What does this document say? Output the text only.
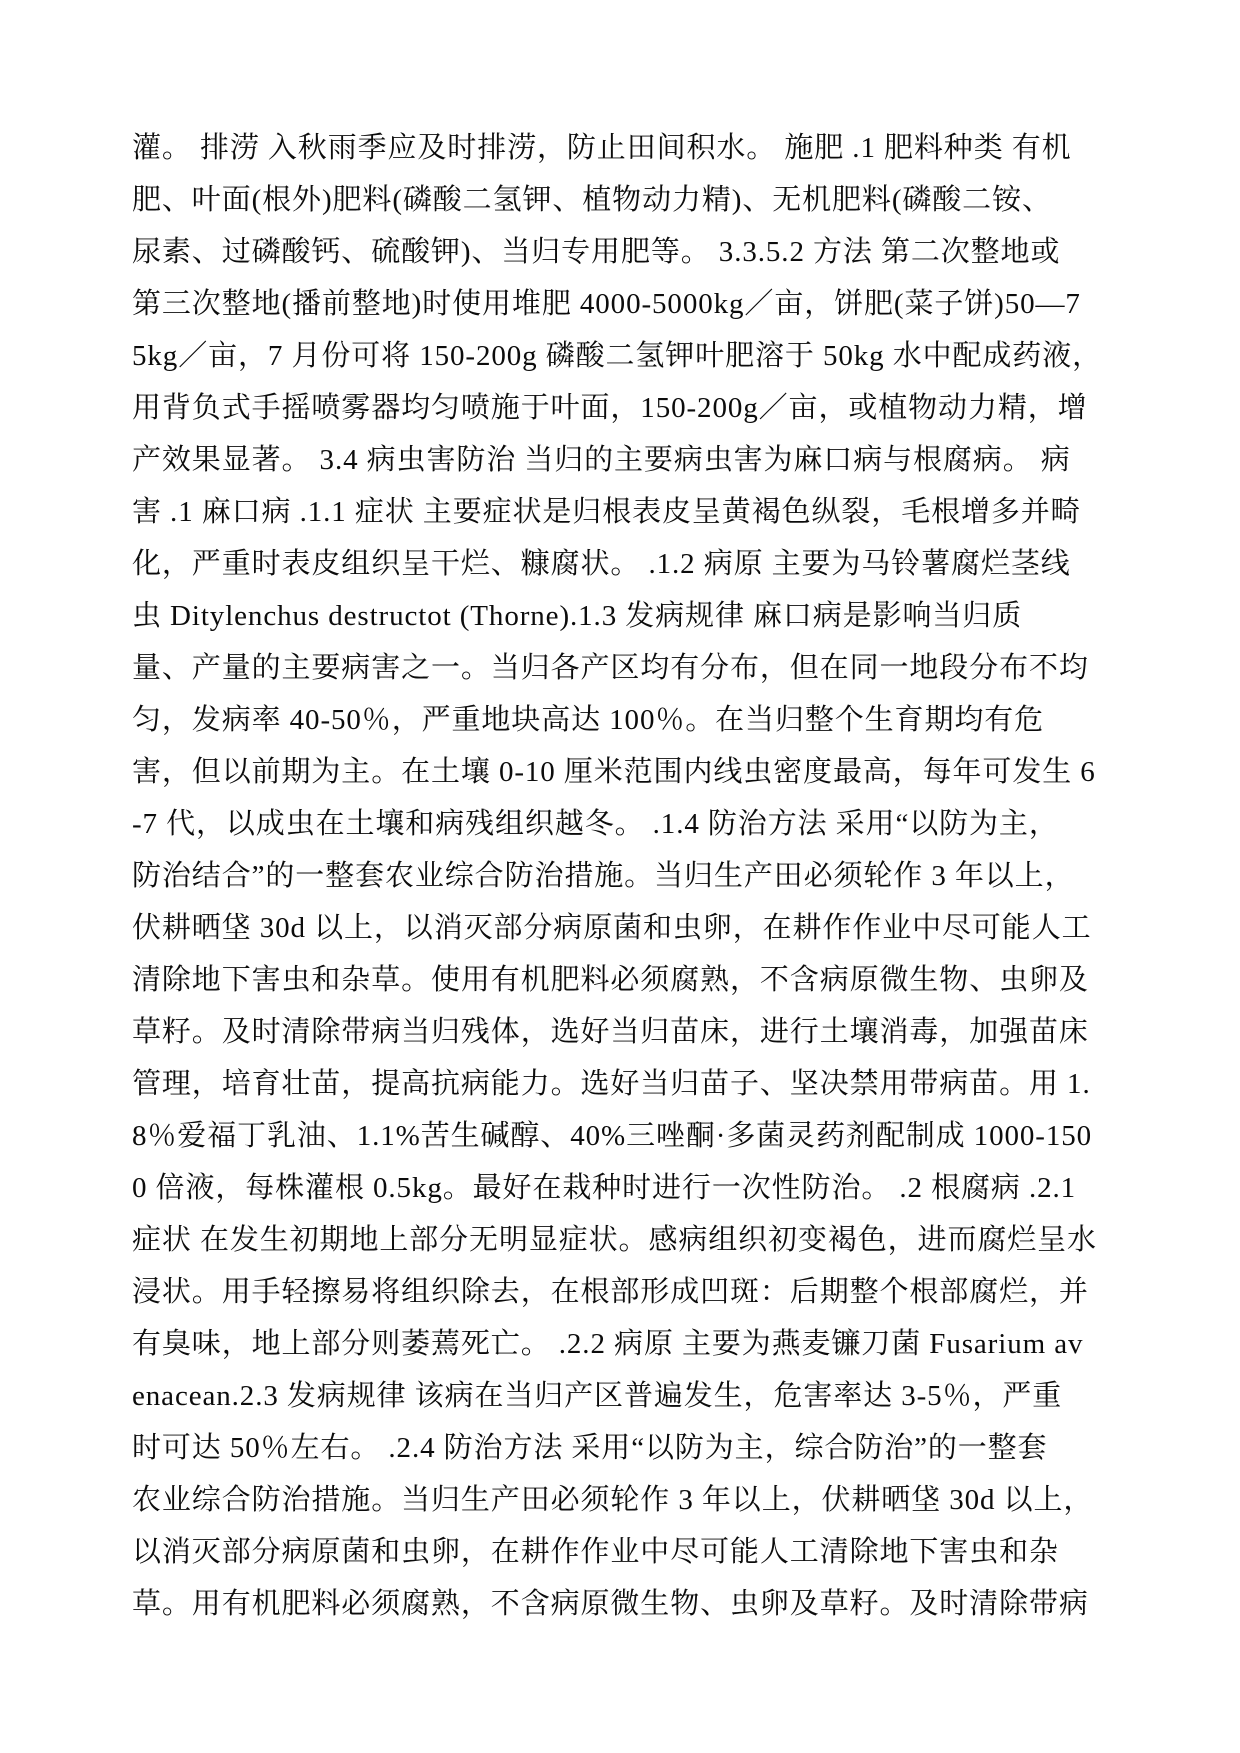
灌。 排涝 入秋雨季应及时排涝，防止田间积水。 施肥 .1 肥料种类 有机
肥、叶面(根外)肥料(磷酸二氢钾、植物动力精)、无机肥料(磷酸二铵、
尿素、过磷酸钙、硫酸钾)、当归专用肥等。 3.3.5.2 方法 第二次整地或
第三次整地(播前整地)时使用堆肥 4000-5000kg／亩，饼肥(菜子饼)50—7
5kg／亩，7 月份可将 150-200g 磷酸二氢钾叶肥溶于 50kg 水中配成药液，
用背负式手摇喷雾器均匀喷施于叶面，150-200g／亩，或植物动力精，增
产效果显著。 3.4 病虫害防治 当归的主要病虫害为麻口病与根腐病。 病
害 .1 麻口病 .1.1 症状 主要症状是归根表皮呈黄褐色纵裂，毛根增多并畸
化，严重时表皮组织呈干烂、糠腐状。 .1.2 病原 主要为马铃薯腐烂茎线
虫 Ditylenchus destructot (Thorne).1.3 发病规律 麻口病是影响当归质
量、产量的主要病害之一。当归各产区均有分布，但在同一地段分布不均
匀，发病率 40-50％，严重地块高达 100％。在当归整个生育期均有危
害，但以前期为主。在土壤 0-10 厘米范围内线虫密度最高，每年可发生 6
-7 代，以成虫在土壤和病残组织越冬。 .1.4 防治方法 采用“以防为主，
防治结合”的一整套农业综合防治措施。当归生产田必须轮作 3 年以上，
伏耕晒垡 30d 以上，以消灭部分病原菌和虫卵，在耕作作业中尽可能人工
清除地下害虫和杂草。使用有机肥料必须腐熟，不含病原微生物、虫卵及
草籽。及时清除带病当归残体，选好当归苗床，进行土壤消毒，加强苗床
管理，培育壮苗，提高抗病能力。选好当归苗子、坚决禁用带病苗。用 1.
8％爱福丁乳油、1.1%苦生碱醇、40%三唑酮·多菌灵药剂配制成 1000-150
0 倍液，每株灌根 0.5kg。最好在栽种时进行一次性防治。 .2 根腐病 .2.1
症状 在发生初期地上部分无明显症状。感病组织初变褐色，进而腐烂呈水
浸状。用手轻擦易将组织除去，在根部形成凹斑：后期整个根部腐烂，并
有臭味，地上部分则萎蔫死亡。 .2.2 病原 主要为燕麦镰刀菌 Fusarium av
enacean.2.3 发病规律 该病在当归产区普遍发生，危害率达 3-5％，严重
时可达 50％左右。 .2.4 防治方法 采用“以防为主，综合防治”的一整套
农业综合防治措施。当归生产田必须轮作 3 年以上，伏耕晒垡 30d 以上，
以消灭部分病原菌和虫卵，在耕作作业中尽可能人工清除地下害虫和杂
草。用有机肥料必须腐熟，不含病原微生物、虫卵及草籽。及时清除带病
